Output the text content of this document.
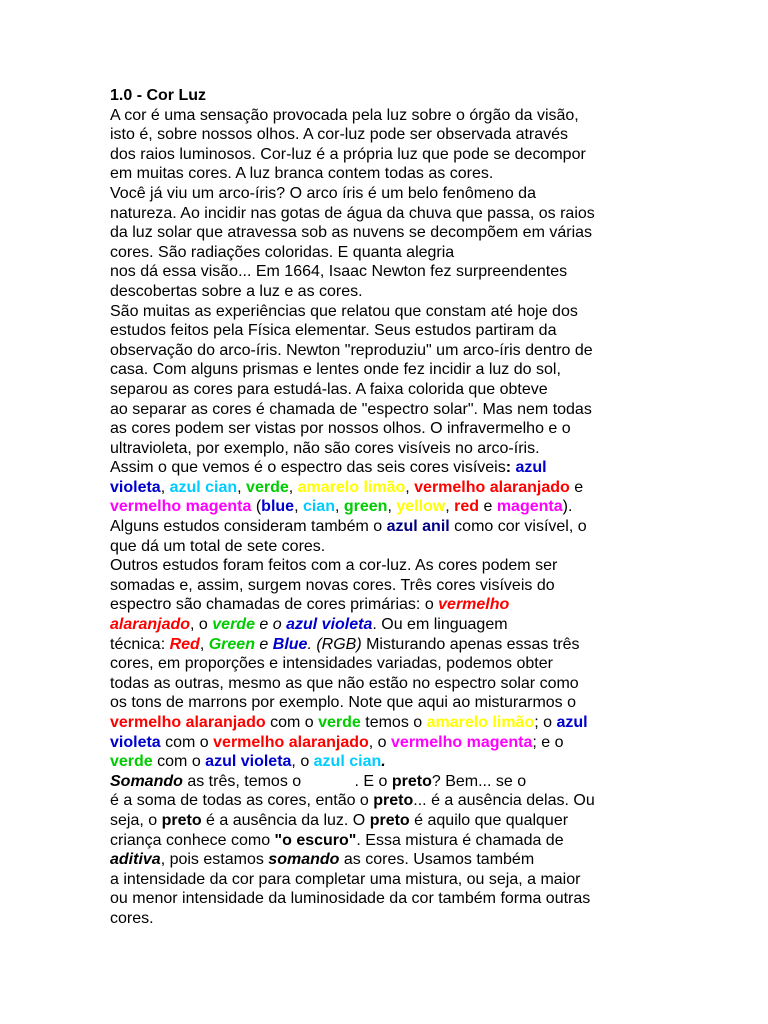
1.0 - Cor Luz
A cor é uma sensação provocada pela luz sobre o órgão da visão,
isto é, sobre nossos olhos. A cor-luz pode ser observada através
dos raios luminosos. Cor-luz é a própria luz que pode se decompor
em muitas cores. A luz branca contem todas as cores.
Você já viu um arco-íris? O arco íris é um belo fenômeno da
natureza. Ao incidir nas gotas de água da chuva que passa, os raios
da luz solar que atravessa sob as nuvens se decompõem em várias
cores. São radiações coloridas. E quanta alegria
nos dá essa visão... Em 1664, Isaac Newton fez surpreendentes
descobertas sobre a luz e as cores.
São muitas as experiências que relatou que constam até hoje dos
estudos feitos pela Física elementar. Seus estudos partiram da
observação do arco-íris. Newton "reproduziu" um arco-íris dentro de
casa. Com alguns prismas e lentes onde fez incidir a luz do sol,
separou as cores para estudá-las. A faixa colorida que obteve
ao separar as cores é chamada de "espectro solar". Mas nem todas
as cores podem ser vistas por nossos olhos. O infravermelho e o
ultravioleta, por exemplo, não são cores visíveis no arco-íris.
Assim o que vemos é o espectro das seis cores visíveis: azul
violeta, azul cian, verde, amarelo limão, vermelho alaranjado e
vermelho magenta (blue, cian, green, yellow, red e magenta).
Alguns estudos consideram também o azul anil como cor visível, o
que dá um total de sete cores.
Outros estudos foram feitos com a cor-luz. As cores podem ser
somadas e, assim, surgem novas cores. Três cores visíveis do
espectro são chamadas de cores primárias: o vermelho
alaranjado, o verde e o azul violeta. Ou em linguagem
técnica: Red, Green e Blue. (RGB) Misturando apenas essas três
cores, em proporções e intensidades variadas, podemos obter
todas as outras, mesmo as que não estão no espectro solar como
os tons de marrons por exemplo. Note que aqui ao misturarmos o
vermelho alaranjado com o verde temos o amarelo limão; o azul
violeta com o vermelho alaranjado, o vermelho magenta; e o
verde com o azul violeta, o azul cian.
Somando as três, temos o            . E o preto? Bem... se o
é a soma de todas as cores, então o preto... é a ausência delas. Ou
seja, o preto é a ausência da luz. O preto é aquilo que qualquer
criança conhece como "o escuro". Essa mistura é chamada de
aditiva, pois estamos somando as cores. Usamos também
a intensidade da cor para completar uma mistura, ou seja, a maior
ou menor intensidade da luminosidade da cor também forma outras
cores.
